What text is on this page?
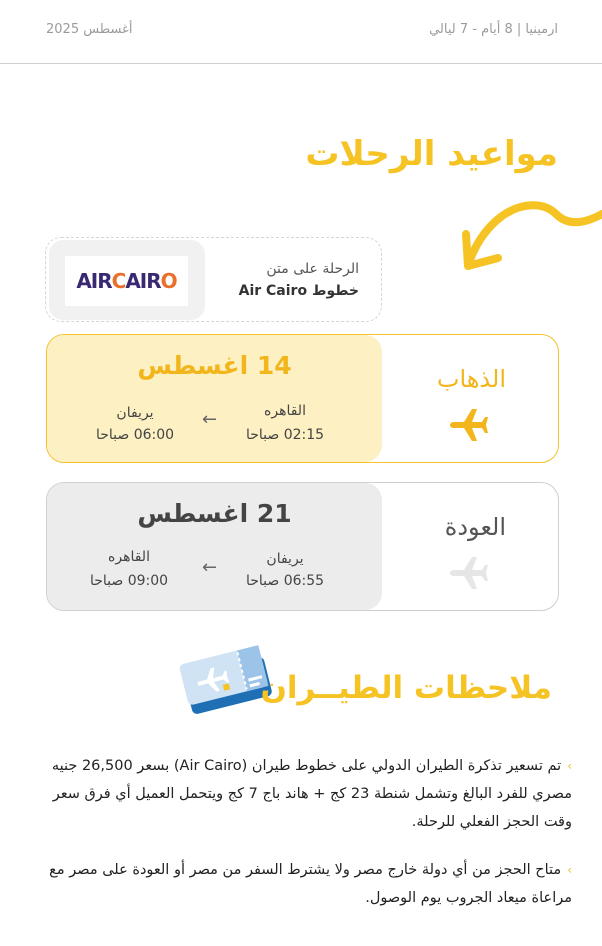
ارمينيا | 8 أيام - 7 ليالي
أغسطس 2025
مواعيد الرحلات
AIRCAIRO	الرحلة على متن
خطوط Air Cairo
14 اغسطس
القاهره
02:15 صباحا
←
يريفان
06:00 صباحا
الذهاب
21 اغسطس
يريفان
06:55 صباحا
←
القاهره
09:00 صباحا
العودة
ملاحظات الطيــران

›تم تسعير تذكرة الطيران الدولي على خطوط طيران (Air Cairo) بسعر 26,500 جنيه مصري للفرد البالغ وتشمل شنطة 23 كج + هاند باج 7 كج ويتحمل العميل أي فرق سعر وقت الحجز الفعلي للرحلة.

›متاح الحجز من أي دولة خارج مصر ولا يشترط السفر من مصر أو العودة على مصر مع مراعاة ميعاد الجروب يوم الوصول.
